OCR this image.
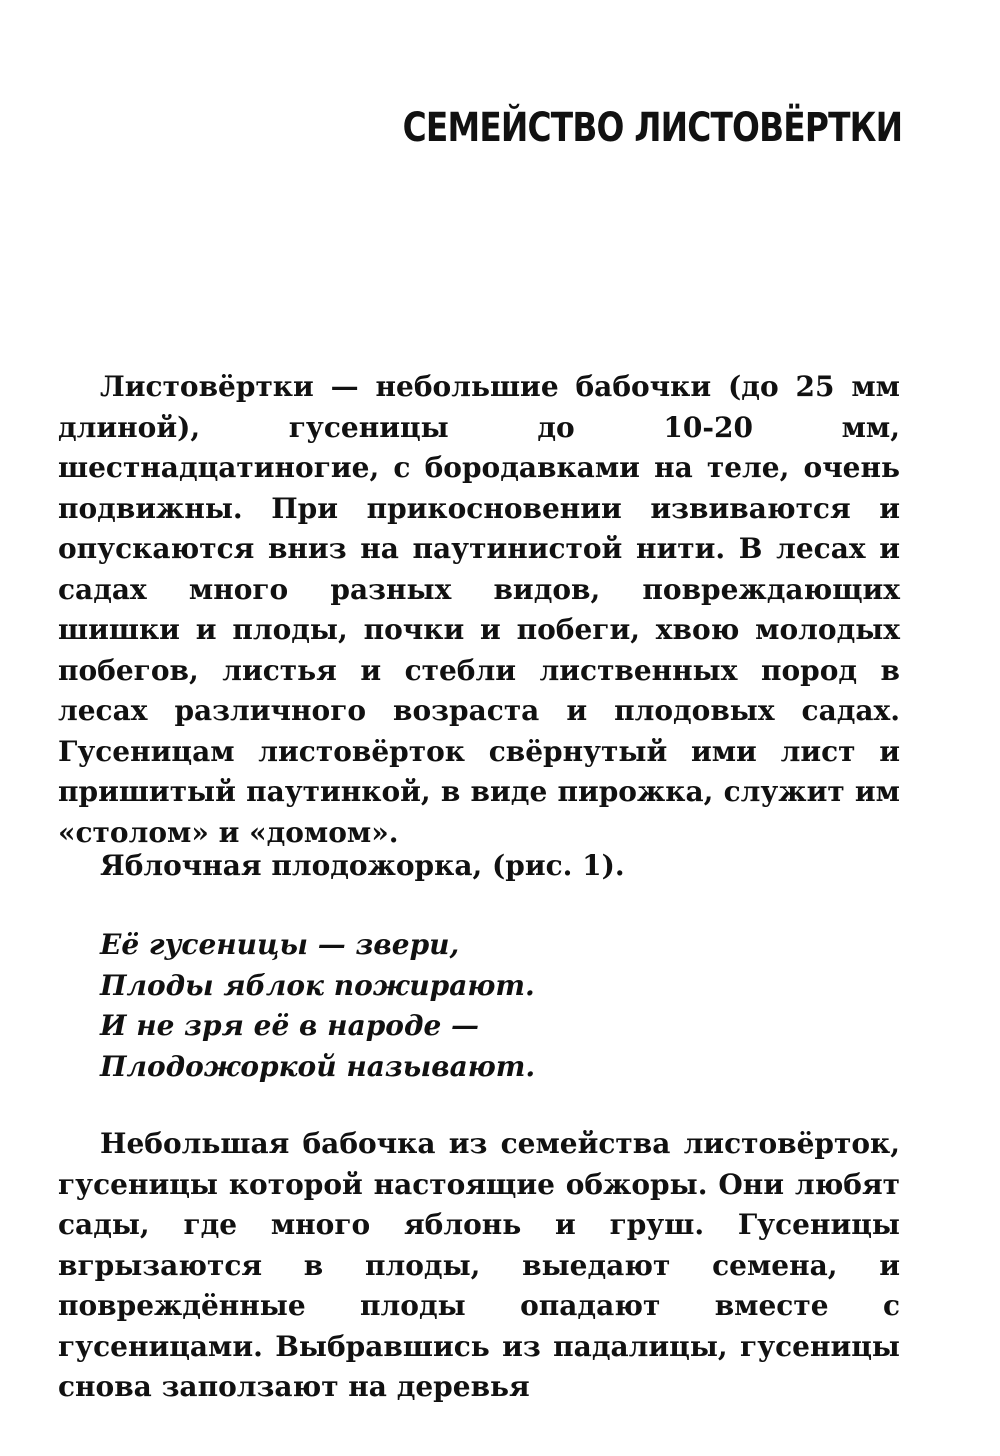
СЕМЕЙСТВО ЛИСТОВЁРТКИ

Листовёртки — небольшие бабочки (до 25 мм длиной), гусеницы до 10-20 мм, шестнадцатиногие, с бородавками на теле, очень подвижны. При прикосновении извиваются и опускаются вниз на паутинистой нити. В лесах и садах много разных видов, повреждающих шишки и плоды, почки и побеги, хвою молодых побегов, листья и стебли лиственных пород в лесах различного возраста и плодовых садах. Гусеницам листовёрток свёрнутый ими лист и пришитый паутинкой, в виде пирожка, служит им «столом» и «домом».

Яблочная плодожорка, (рис. 1).

Её гусеницы — звери,
Плоды яблок пожирают.
И не зря её в народе —
Плодожоркой называют.

Небольшая бабочка из семейства листовёрток, гусеницы которой настоящие обжоры. Они любят сады, где много яблонь и груш. Гусеницы вгрызаются в плоды, выедают семена, и повреждённые плоды опадают вместе с гусеницами. Выбравшись из падалицы, гусеницы снова заползают на деревья
